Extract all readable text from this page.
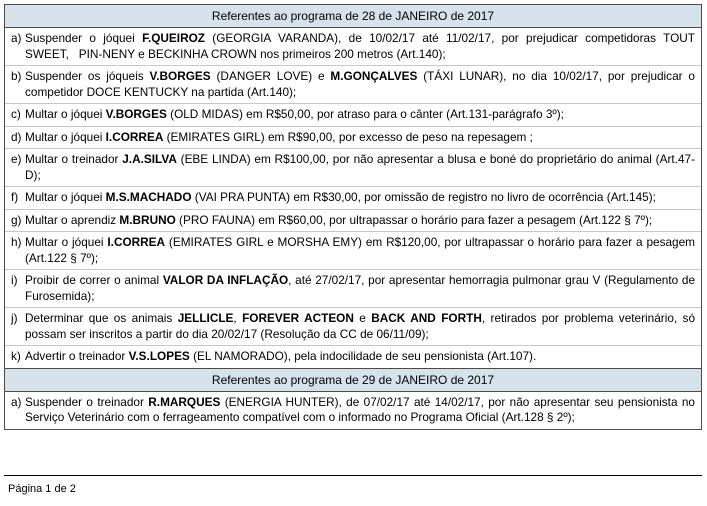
Referentes ao programa de 28 de JANEIRO de 2017
a) Suspender o jóquei F.QUEIROZ (GEORGIA VARANDA), de 10/02/17 até 11/02/17, por prejudicar competidoras TOUT SWEET,   PIN-NENY e BECKINHA CROWN nos primeiros 200 metros (Art.140);
b) Suspender os jóqueis V.BORGES (DANGER LOVE) e M.GONÇALVES (TÁXI LUNAR), no dia 10/02/17, por prejudicar o competidor DOCE KENTUCKY na partida (Art.140);
c) Multar o jóquei V.BORGES (OLD MIDAS) em R$50,00, por atraso para o cânter (Art.131-parágrafo 3º);
d) Multar o jóquei I.CORREA (EMIRATES GIRL) em R$90,00, por excesso de peso na repesagem ;
e) Multar o treinador J.A.SILVA (EBE LINDA) em R$100,00, por não apresentar a blusa e boné do proprietário do animal (Art.47-D);
f) Multar o jóquei M.S.MACHADO (VAI PRA PUNTA) em R$30,00, por omissão de registro no livro de ocorrência (Art.145);
g) Multar o aprendiz M.BRUNO (PRO FAUNA) em R$60,00, por ultrapassar o horário para fazer a pesagem (Art.122 § 7º);
h) Multar o jóquei I.CORREA (EMIRATES GIRL e MORSHA EMY) em R$120,00, por ultrapassar o horário para fazer a pesagem (Art.122 § 7º);
i) Proibir de correr o animal VALOR DA INFLAÇÃO, até 27/02/17, por apresentar hemorragia pulmonar grau V (Regulamento de Furosemida);
j) Determinar que os animais JELLICLE, FOREVER ACTEON e BACK AND FORTH, retirados por problema veterinário, só possam ser inscritos a partir do dia 20/02/17 (Resolução da CC de 06/11/09);
k) Advertir o treinador V.S.LOPES (EL NAMORADO), pela indocilidade de seu pensionista (Art.107).
Referentes ao programa de 29 de JANEIRO de 2017
a) Suspender o treinador R.MARQUES (ENERGIA HUNTER), de 07/02/17 até 14/02/17, por não apresentar seu pensionista no Serviço Veterinário com o ferrageamento compatível com o informado no Programa Oficial (Art.128 § 2º);
Página 1 de 2
